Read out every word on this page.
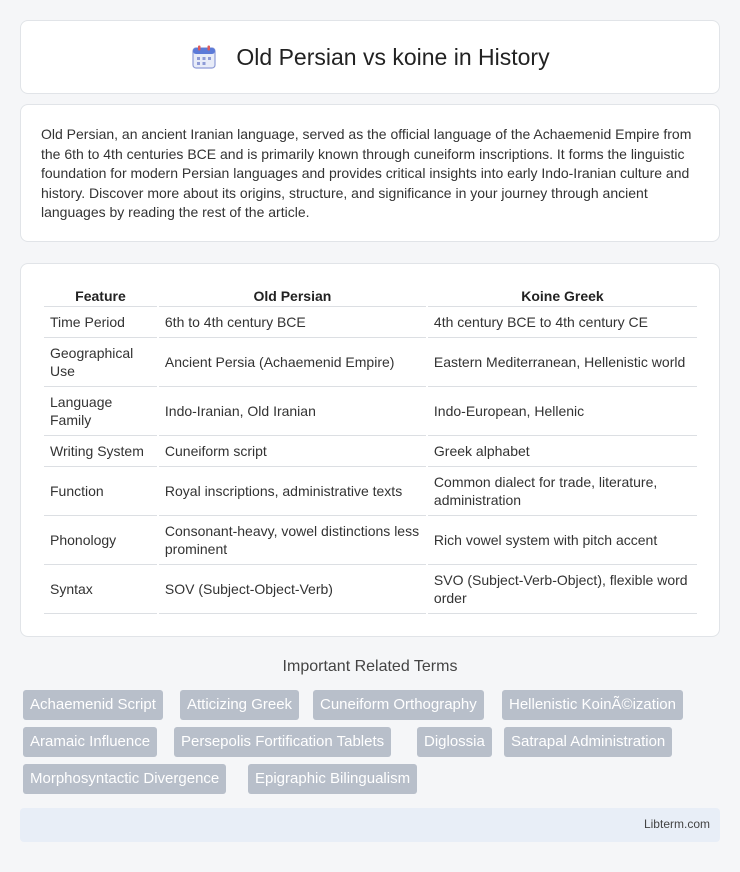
Old Persian vs koine in History

Old Persian, an ancient Iranian language, served as the official language of the Achaemenid Empire from the 6th to 4th centuries BCE and is primarily known through cuneiform inscriptions. It forms the linguistic foundation for modern Persian languages and provides critical insights into early Indo-Iranian culture and history. Discover more about its origins, structure, and significance in your journey through ancient languages by reading the rest of the article.

Feature	Old Persian	Koine Greek
Time Period	6th to 4th century BCE	4th century BCE to 4th century CE
Geographical Use	Ancient Persia (Achaemenid Empire)	Eastern Mediterranean, Hellenistic world
Language Family	Indo-Iranian, Old Iranian	Indo-European, Hellenic
Writing System	Cuneiform script	Greek alphabet
Function	Royal inscriptions, administrative texts	Common dialect for trade, literature, administration
Phonology	Consonant-heavy, vowel distinctions less prominent	Rich vowel system with pitch accent
Syntax	SOV (Subject-Object-Verb)	SVO (Subject-Verb-Object), flexible word order
Important Related Terms
Achaemenid Script	Atticizing Greek	Cuneiform Orthography	Hellenistic KoinÃ©ization
Aramaic Influence	Persepolis Fortification Tablets	Diglossia	Satrapal Administration
Morphosyntactic Divergence	Epigraphic Bilingualism
Libterm.com
